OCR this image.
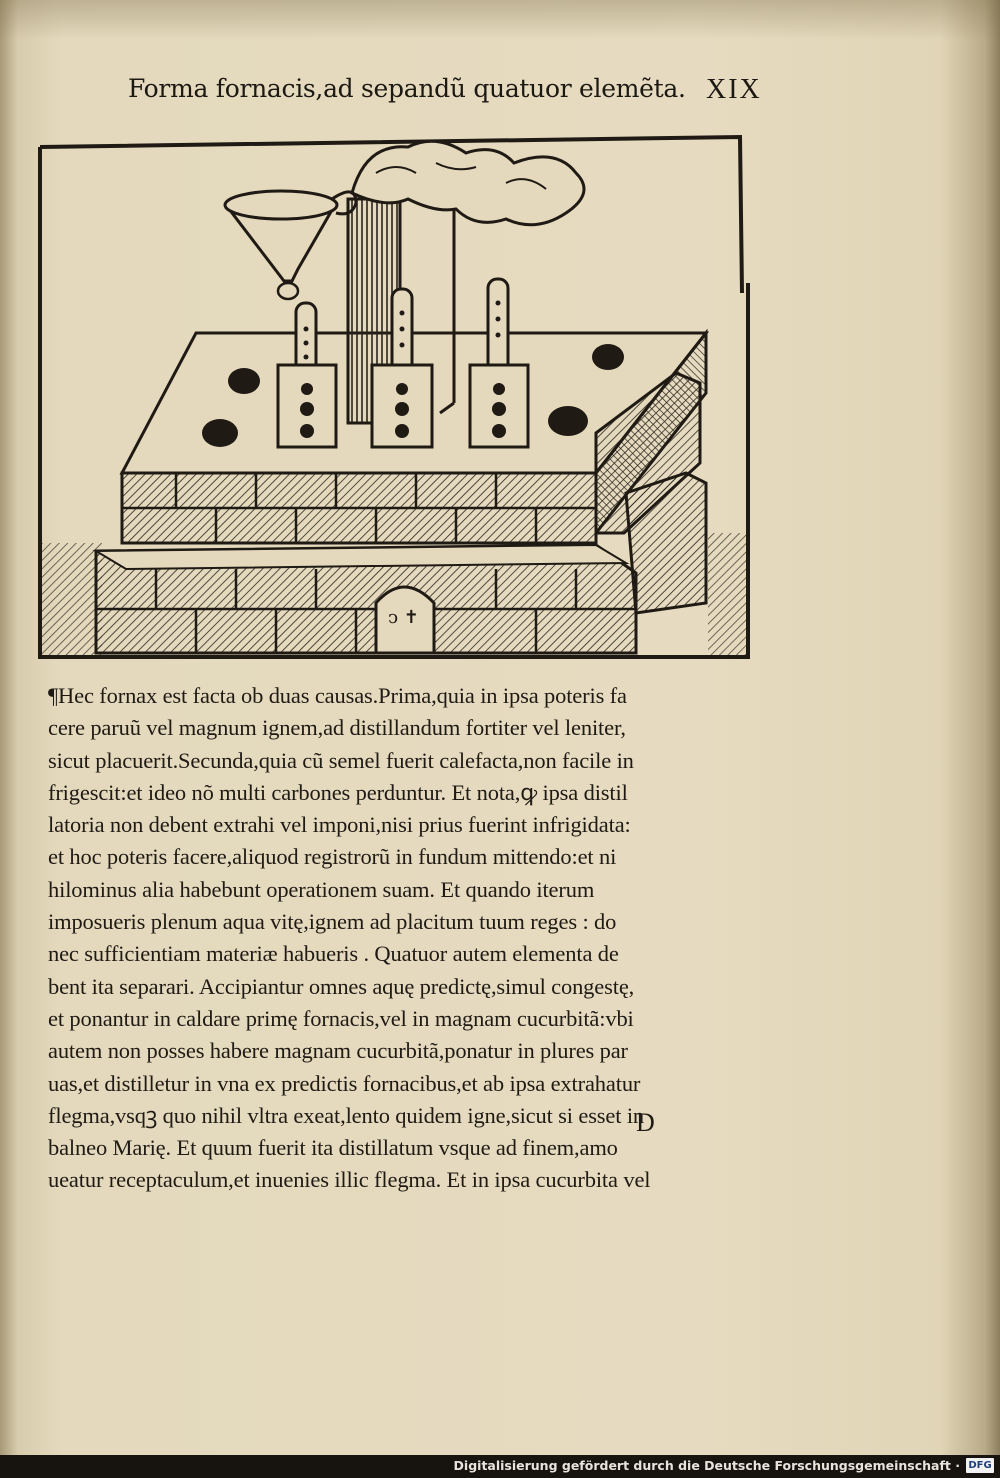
Forma fornacis,ad sepandũ quatuor elemẽta. XIX
ↄ ✝
¶Hec fornax est facta ob duas causas.Prima,quia in ipsa poteris fa
cere paruũ vel magnum ignem,ad distillandum fortiter vel leniter,
sicut placuerit.Secunda,quia cũ semel fuerit calefacta,non facile in
frigescit:et ideo nõ multi carbones perduntur. Et nota,ꝙ ipsa distil
latoria non debent extrahi vel imponi,nisi prius fuerint infrigidata:
et hoc poteris facere,aliquod registrorũ in fundum mittendo:et ni
hilominus alia habebunt operationem suam. Et quando iterum
imposueris plenum aqua vitę,ignem ad placitum tuum reges : do
nec sufficientiam materiæ habueris . Quatuor autem elementa de
bent ita separari. Accipiantur omnes aquę predictę,simul congestę,
et ponantur in caldare primę fornacis,vel in magnam cucurbitã:vbi
autem non posses habere magnam cucurbitã,ponatur in plures par
uas,et distilletur in vna ex predictis fornacibus,et ab ipsa extrahatur
flegma,vsqꝫ quo nihil vltra exeat,lento quidem igne,sicut si esset in
balneo Marię. Et quum fuerit ita distillatum vsque ad finem,amo
ueatur receptaculum,et inuenies illic flegma. Et in ipsa cucurbita vel
D
Digitalisierung gefördert durch die Deutsche Forschungsgemeinschaft · DFG
